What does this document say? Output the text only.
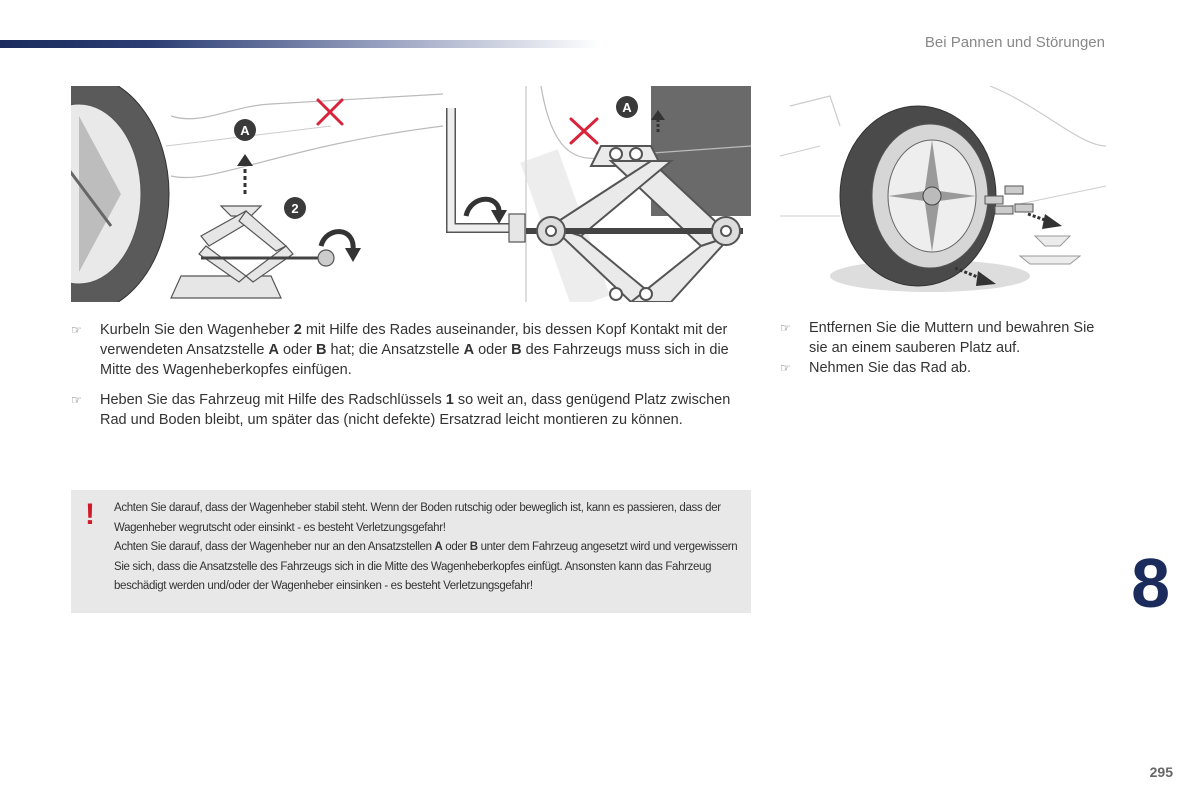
Bei Pannen und Störungen
A
2
A
☞ Kurbeln Sie den Wagenheber 2 mit Hilfe des Rades auseinander, bis dessen Kopf Kontakt mit der verwendeten Ansatzstelle A oder B hat; die Ansatzstelle A oder B des Fahrzeugs muss sich in die Mitte des Wagenheberkopfes einfügen.
☞ Heben Sie das Fahrzeug mit Hilfe des Radschlüssels 1 so weit an, dass genügend Platz zwischen Rad und Boden bleibt, um später das (nicht defekte) Ersatzrad leicht montieren zu können.
☞ Entfernen Sie die Muttern und bewahren Sie sie an einem sauberen Platz auf.
☞ Nehmen Sie das Rad ab.
! Achten Sie darauf, dass der Wagenheber stabil steht. Wenn der Boden rutschig oder beweglich ist, kann es passieren, dass der Wagenheber wegrutscht oder einsinkt - es besteht Verletzungsgefahr!
Achten Sie darauf, dass der Wagenheber nur an den Ansatzstellen A oder B unter dem Fahrzeug angesetzt wird und vergewissern Sie sich, dass die Ansatzstelle des Fahrzeugs sich in die Mitte des Wagenheberkopfes einfügt. Ansonsten kann das Fahrzeug beschädigt werden und/oder der Wagenheber einsinken - es besteht Verletzungsgefahr!	8
295
